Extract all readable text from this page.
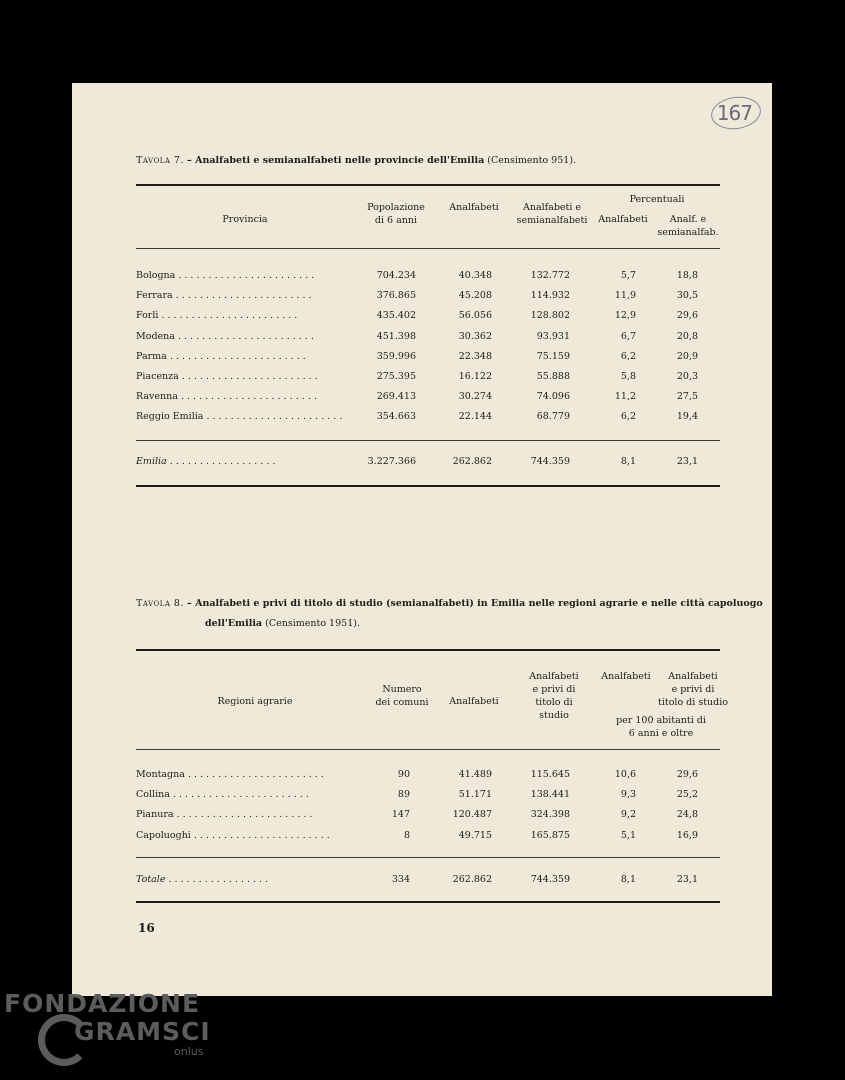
167
Tavola 7. – Analfabeti e semianalfabeti nelle provincie dell'Emilia (Censimento 951).
Provincia
Popolazione
di 6 anni
Analfabeti	Analfabeti e
semianalfabeti
Percentuali
Analfabeti	Analf. e
semianalfab.
Bologna . . . . . . . . . . . . . . . . . . . . . . .	704.234	40.348	132.772	5,7	18,8
Ferrara . . . . . . . . . . . . . . . . . . . . . . .	376.865	45.208	114.932	11,9	30,5
Forlì . . . . . . . . . . . . . . . . . . . . . . .	435.402	56.056	128.802	12,9	29,6
Modena . . . . . . . . . . . . . . . . . . . . . . .	451.398	30.362	93.931	6,7	20,8
Parma . . . . . . . . . . . . . . . . . . . . . . .	359.996	22.348	75.159	6,2	20,9
Piacenza . . . . . . . . . . . . . . . . . . . . . . .	275.395	16.122	55.888	5,8	20,3
Ravenna . . . . . . . . . . . . . . . . . . . . . . .	269.413	30.274	74.096	11,2	27,5
Reggio Emilia . . . . . . . . . . . . . . . . . . . . . . .	354.663	22.144	68.779	6,2	19,4
Emilia . . . . . . . . . . . . . . . . . .	3.227.366	262.862	744.359	8,1	23,1
Tavola 8. – Analfabeti e privi di titolo di studio (semianalfabeti) in Emilia nelle regioni agrarie e nelle città capoluogo
dell'Emilia (Censimento 1951).
Regioni agrarie
Numero
dei comuni	Analfabeti
Analfabeti
e privi di
titolo di
studio
Analfabeti	Analfabeti
e privi di
titolo di studio
per 100 abitanti di
6 anni e oltre
Montagna . . . . . . . . . . . . . . . . . . . . . . .	90	41.489	115.645	10,6	29,6
Collina . . . . . . . . . . . . . . . . . . . . . . .	89	51.171	138.441	9,3	25,2
Pianura . . . . . . . . . . . . . . . . . . . . . . .	147	120.487	324.398	9,2	24,8
Capoluoghi . . . . . . . . . . . . . . . . . . . . . . .	8	49.715	165.875	5,1	16,9
Totale . . . . . . . . . . . . . . . . .	334	262.862	744.359	8,1	23,1
16
FONDAZIONE
GRAMSCI
onlus
